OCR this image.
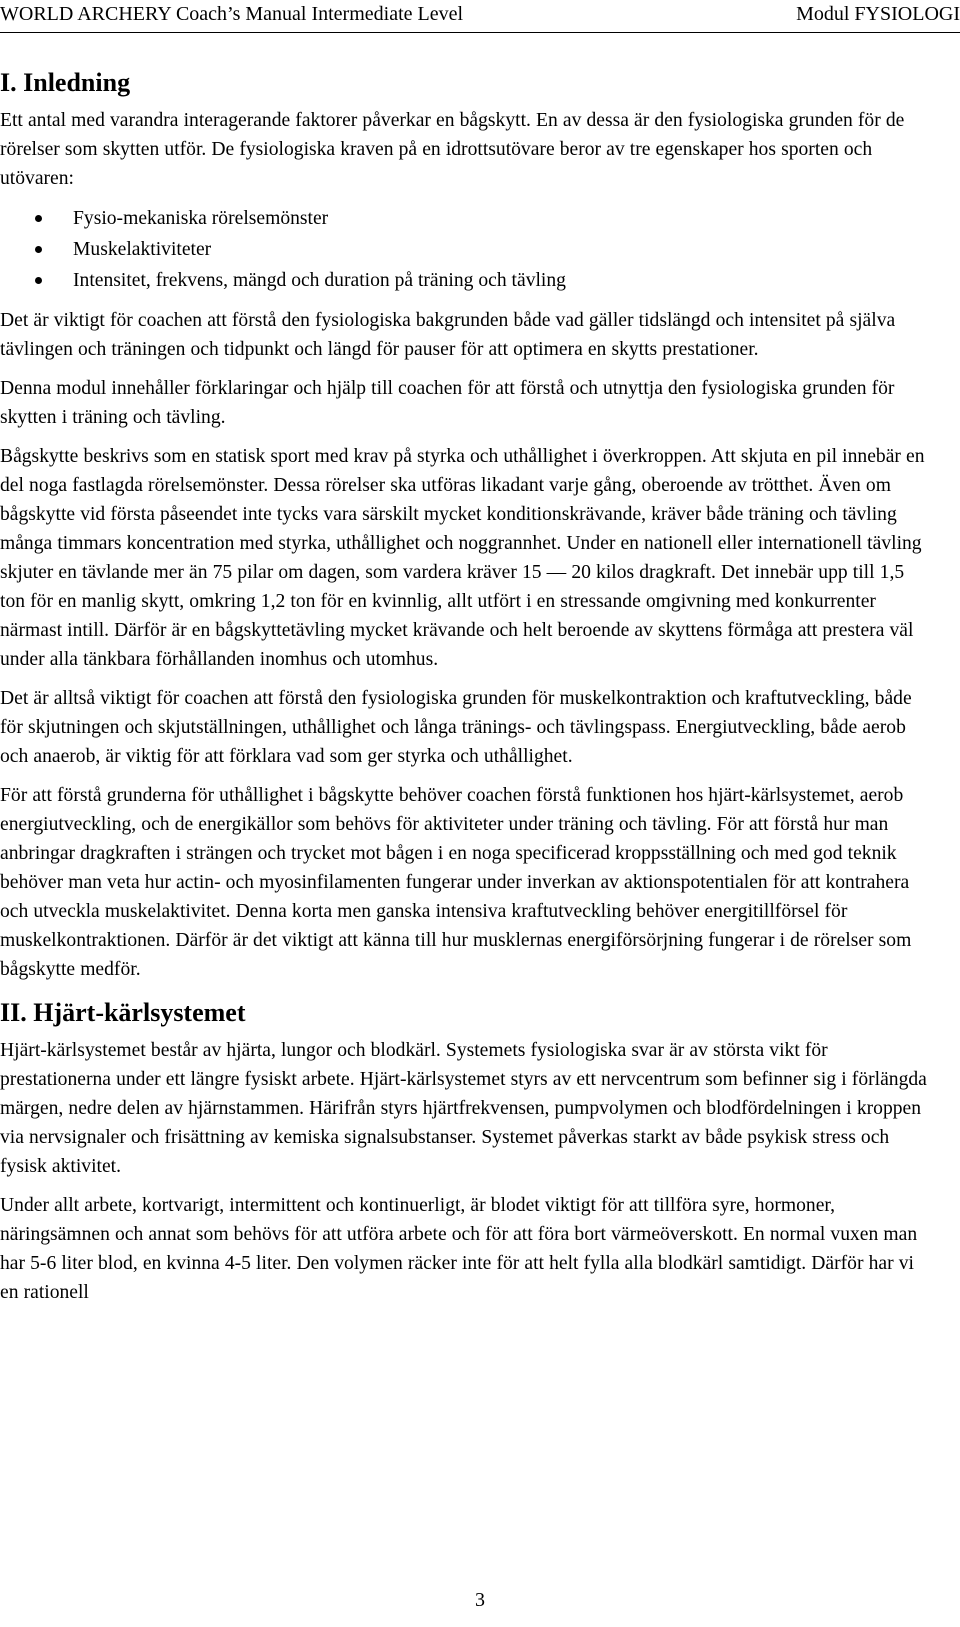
WORLD ARCHERY Coach’s Manual Intermediate Level	Modul FYSIOLOGI
I. Inledning

Ett antal med varandra interagerande faktorer påverkar en bågskytt. En av dessa är den fysiologiska grunden för de rörelser som skytten utför. De fysiologiska kraven på en idrottsutövare beror av tre egenskaper hos sporten och utövaren:

Fysio-mekaniska rörelsemönster
Muskelaktiviteter
Intensitet, frekvens, mängd och duration på träning och tävling

Det är viktigt för coachen att förstå den fysiologiska bakgrunden både vad gäller tidslängd och intensitet på själva tävlingen och träningen och tidpunkt och längd för pauser för att optimera en skytts prestationer.

Denna modul innehåller förklaringar och hjälp till coachen för att förstå och utnyttja den fysiologiska grunden för skytten i träning och tävling.

Bågskytte beskrivs som en statisk sport med krav på styrka och uthållighet i överkroppen. Att skjuta en pil innebär en del noga fastlagda rörelsemönster. Dessa rörelser ska utföras likadant varje gång, oberoende av trötthet. Även om bågskytte vid första påseendet inte tycks vara särskilt mycket konditionskrävande, kräver både träning och tävling många timmars koncentration med styrka, uthållighet och noggrannhet. Under en nationell eller internationell tävling skjuter en tävlande mer än 75 pilar om dagen, som vardera kräver 15 — 20 kilos dragkraft. Det innebär upp till 1,5 ton för en manlig skytt, omkring 1,2 ton för en kvinnlig, allt utfört i en stressande omgivning med konkurrenter närmast intill. Därför är en bågskyttetävling mycket krävande och helt beroende av skyttens förmåga att prestera väl under alla tänkbara förhållanden inomhus och utomhus.

Det är alltså viktigt för coachen att förstå den fysiologiska grunden för muskelkontraktion och kraftutveckling, både för skjutningen och skjutställningen, uthållighet och långa tränings- och tävlingspass. Energiutveckling, både aerob och anaerob, är viktig för att förklara vad som ger styrka och uthållighet.

För att förstå grunderna för uthållighet i bågskytte behöver coachen förstå funktionen hos hjärt-kärlsystemet, aerob energiutveckling, och de energikällor som behövs för aktiviteter under träning och tävling. För att förstå hur man anbringar dragkraften i strängen och trycket mot bågen i en noga specificerad kroppsställning och med god teknik behöver man veta hur actin- och myosinfilamenten fungerar under inverkan av aktionspotentialen för att kontrahera och utveckla muskelaktivitet. Denna korta men ganska intensiva kraftutveckling behöver energitillförsel för muskelkontraktionen. Därför är det viktigt att känna till hur musklernas energiförsörjning fungerar i de rörelser som bågskytte medför.

II. Hjärt-kärlsystemet

Hjärt-kärlsystemet består av hjärta, lungor och blodkärl. Systemets fysiologiska svar är av största vikt för prestationerna under ett längre fysiskt arbete. Hjärt-kärlsystemet styrs av ett nervcentrum som befinner sig i förlängda märgen, nedre delen av hjärnstammen. Härifrån styrs hjärtfrekvensen, pumpvolymen och blodfördelningen i kroppen via nervsignaler och frisättning av kemiska signalsubstanser. Systemet påverkas starkt av både psykisk stress och fysisk aktivitet.

Under allt arbete, kortvarigt, intermittent och kontinuerligt, är blodet viktigt för att tillföra syre, hormoner, näringsämnen och annat som behövs för att utföra arbete och för att föra bort värmeöverskott. En normal vuxen man har 5-6 liter blod, en kvinna 4-5 liter. Den volymen räcker inte för att helt fylla alla blodkärl samtidigt. Därför har vi en rationell

3
